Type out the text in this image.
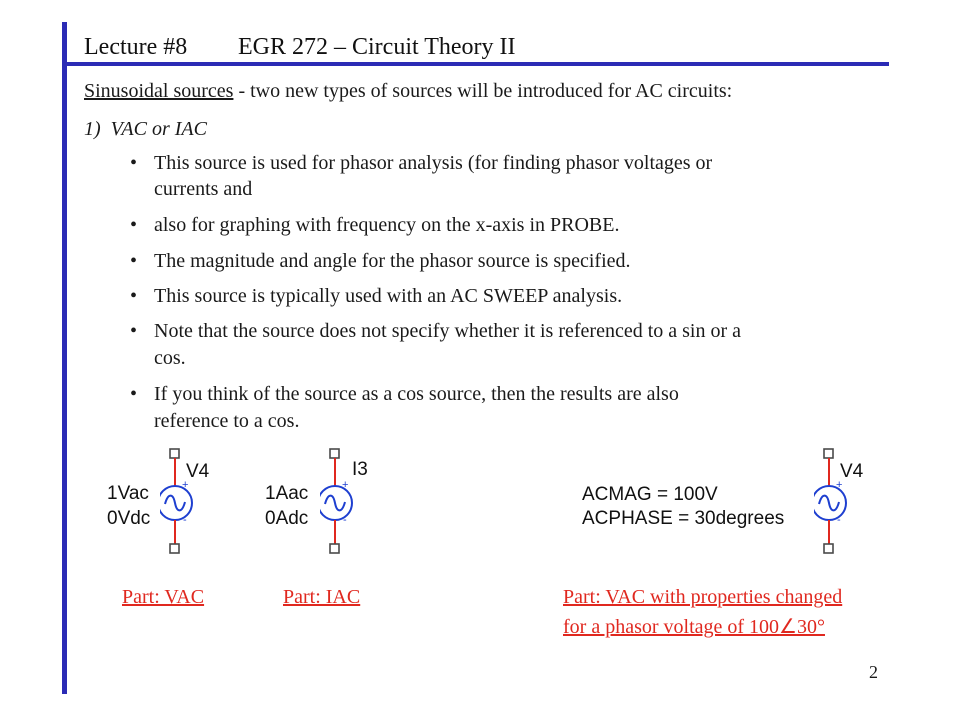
Lecture #8 EGR 272 – Circuit Theory II
Sinusoidal sources - two new types of sources will be introduced for AC circuits:
1) VAC or IAC
• This source is used for phasor analysis (for finding phasor voltages or
currents and
• also for graphing with frequency on the x-axis in PROBE.
• The magnitude and angle for the phasor source is specified.
• This source is typically used with an AC SWEEP analysis.
• Note that the source does not specify whether it is referenced to a sin or a
cos.
• If you think of the source as a cos source, then the results are also
reference to a cos.
+
-
V4
1Vac
0Vdc
+
-
I3
1Aac
0Adc
ACMAG = 100V
ACPHASE = 30degrees
+
-
V4
Part: VAC	Part: IAC	Part: VAC with properties changed
for a phasor voltage of 100∠30°
2
